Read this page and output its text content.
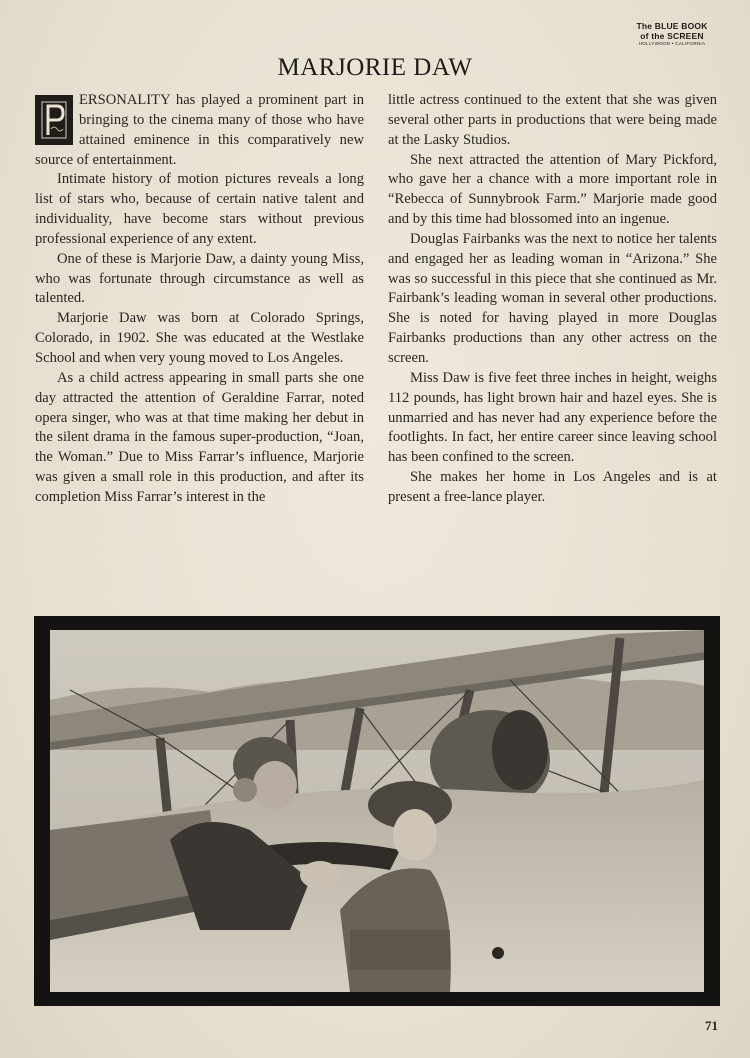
The BLUE BOOK
of the SCREEN
HOLLYWOOD • CALIFORNIA
MARJORIE DAW

ERSONALITY has played a prominent part in bringing to the cinema many of those who have attained eminence in this comparatively new source of entertainment.

Intimate history of motion pictures reveals a long list of stars who, because of certain native talent and individuality, have become stars without previous professional experience of any extent.

One of these is Marjorie Daw, a dainty young Miss, who was fortunate through circumstance as well as talented.

Marjorie Daw was born at Colorado Springs, Colorado, in 1902. She was educated at the Westlake School and when very young moved to Los Angeles.

As a child actress appearing in small parts she one day attracted the attention of Geraldine Farrar, noted opera singer, who was at that time making her debut in the silent drama in the famous super-production, “Joan, the Woman.” Due to Miss Farrar’s influence, Marjorie was given a small role in this production, and after its completion Miss Farrar’s interest in the

little actress continued to the extent that she was given several other parts in productions that were being made at the Lasky Studios.

She next attracted the attention of Mary Pickford, who gave her a chance with a more important role in “Rebecca of Sunnybrook Farm.” Marjorie made good and by this time had blossomed into an ingenue.

Douglas Fairbanks was the next to notice her talents and engaged her as leading woman in “Arizona.” She was so successful in this piece that she continued as Mr. Fairbank’s leading woman in several other productions. She is noted for having played in more Douglas Fairbanks productions than any other actress on the screen.

Miss Daw is five feet three inches in height, weighs 112 pounds, has light brown hair and hazel eyes. She is unmarried and has never had any experience before the footlights. In fact, her entire career since leaving school has been confined to the screen.

She makes her home in Los Angeles and is at present a free-lance player.

71
